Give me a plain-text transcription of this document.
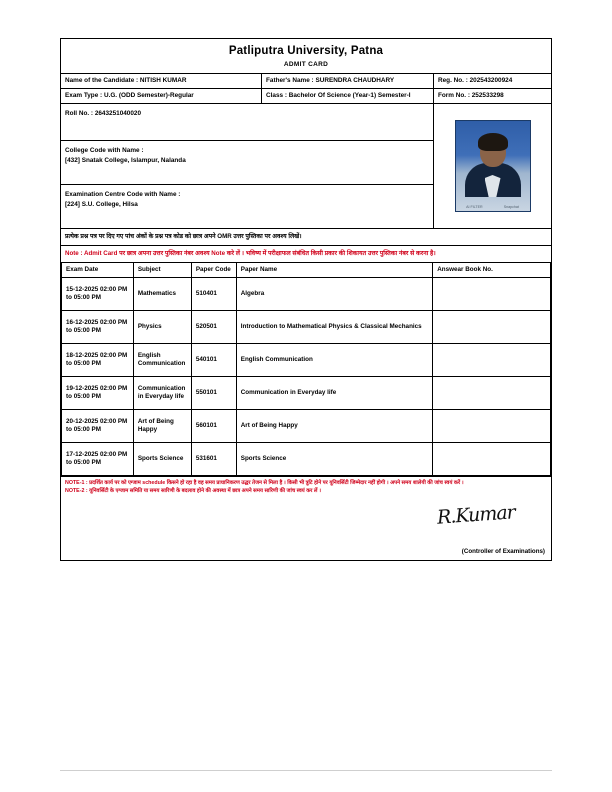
Patliputra University, Patna
ADMIT CARD
Name of the Candidate : NITISH KUMAR	Father's Name : SURENDRA CHAUDHARY	Reg. No. : 202543200924
Exam Type : U.G. (ODD Semester)-Regular	Class : Bachelor Of Science (Year-1) Semester-I	Form No. : 252533298
Roll No. : 2643251040020
College Code with Name :
[432] Snatak College, Islampur, Nalanda
Examination Centre Code with Name :
[224] S.U. College, Hilsa	AI FILTER	Snapchat
प्रत्येक प्रश्न पत्र पर दिए गए पांच अंकों के प्रश्न पत्र कोड को छात्र अपने OMR उत्तर पुस्तिका पर अवश्य लिखें।
Note : Admit Card पर छात्र अपना उत्तर पुस्तिका नंबर अवश्य Note करे लें । भविष्य में परीक्षाफल संबंधित किसी प्रकार की शिकायत उत्तर पुस्तिका नंबर से करना है।
Exam Date	Subject	Paper Code	Paper Name	Answear Book No.
15-12-2025 02:00 PM to 05:00 PM	Mathematics	510401	Algebra	
16-12-2025 02:00 PM to 05:00 PM	Physics	520501	Introduction to Mathematical Physics & Classical Mechanics	
18-12-2025 02:00 PM to 05:00 PM	English Communication	540101	English Communication	
19-12-2025 02:00 PM to 05:00 PM	Communication in Everyday life	550101	Communication in Everyday life	
20-12-2025 02:00 PM to 05:00 PM	Art of Being Happy	560101	Art of Being Happy	
17-12-2025 02:00 PM to 05:00 PM	Sports Science	531601	Sports Science	
NOTE-1 : प्रदर्शित कार्य पर को एग्जाम schedule किसने हो रहा है वह समय प्राधानिकरण उद्धर तेजन से मिला है । किसी भी त्रुटि होने पर यूनिवर्सिटी जिम्मेदार नहीं होगी । अपने समय शालेयी की जांच स्वयं करें ।
NOTE-2 : यूनिवर्सिटी के एग्जाम समिति या समय सारिणी के बदलाव होने की अवस्था में छात्र अपने समय सारिणी की जांच स्वयं कर लें ।
R.Kumar
(Controller of Examinations)
